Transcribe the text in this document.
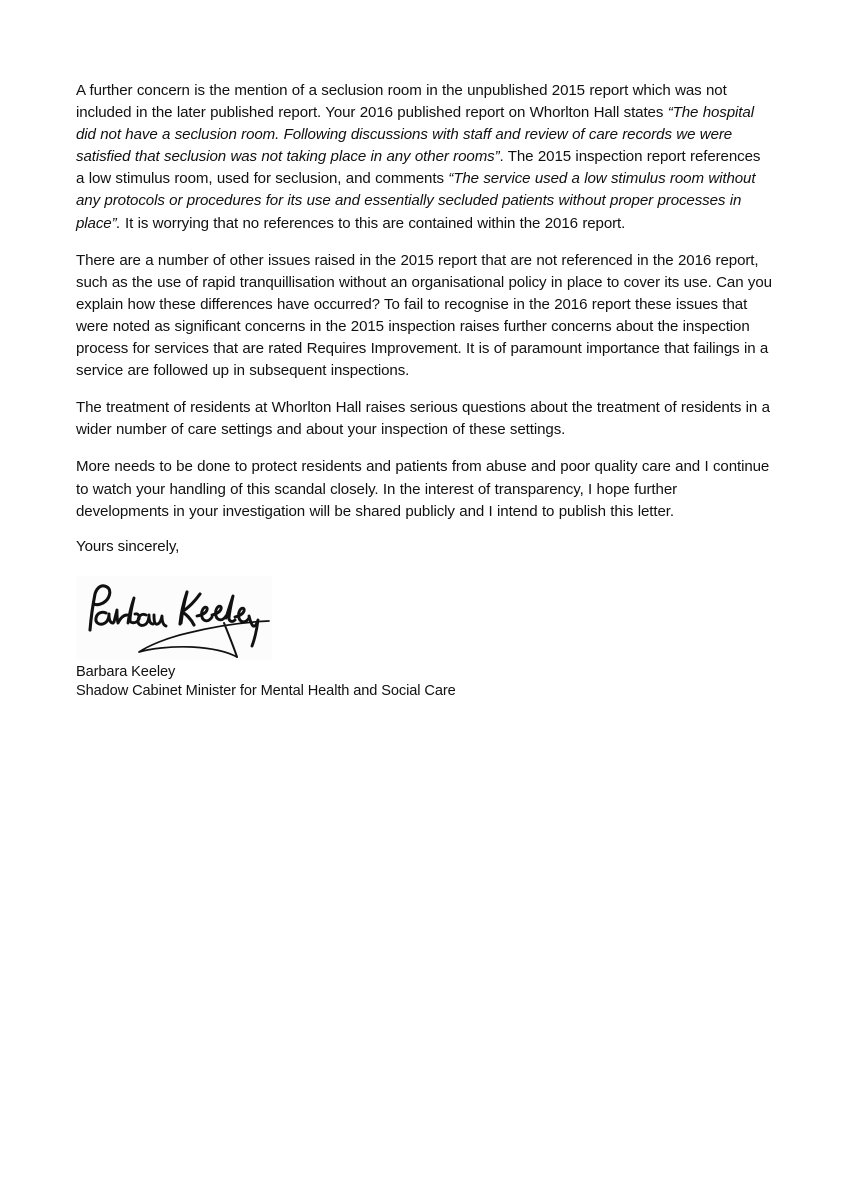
A further concern is the mention of a seclusion room in the unpublished 2015 report which was not included in the later published report. Your 2016 published report on Whorlton Hall states “The hospital did not have a seclusion room. Following discussions with staff and review of care records we were satisfied that seclusion was not taking place in any other rooms”. The 2015 inspection report references a low stimulus room, used for seclusion, and comments “The service used a low stimulus room without any protocols or procedures for its use and essentially secluded patients without proper processes in place”. It is worrying that no references to this are contained within the 2016 report.

There are a number of other issues raised in the 2015 report that are not referenced in the 2016 report, such as the use of rapid tranquillisation without an organisational policy in place to cover its use. Can you explain how these differences have occurred? To fail to recognise in the 2016 report these issues that were noted as significant concerns in the 2015 inspection raises further concerns about the inspection process for services that are rated Requires Improvement. It is of paramount importance that failings in a service are followed up in subsequent inspections.

The treatment of residents at Whorlton Hall raises serious questions about the treatment of residents in a wider number of care settings and about your inspection of these settings.

More needs to be done to protect residents and patients from abuse and poor quality care and I continue to watch your handling of this scandal closely. In the interest of transparency, I hope further developments in your investigation will be shared publicly and I intend to publish this letter.

Yours sincerely,
Barbara Keeley
Shadow Cabinet Minister for Mental Health and Social Care
